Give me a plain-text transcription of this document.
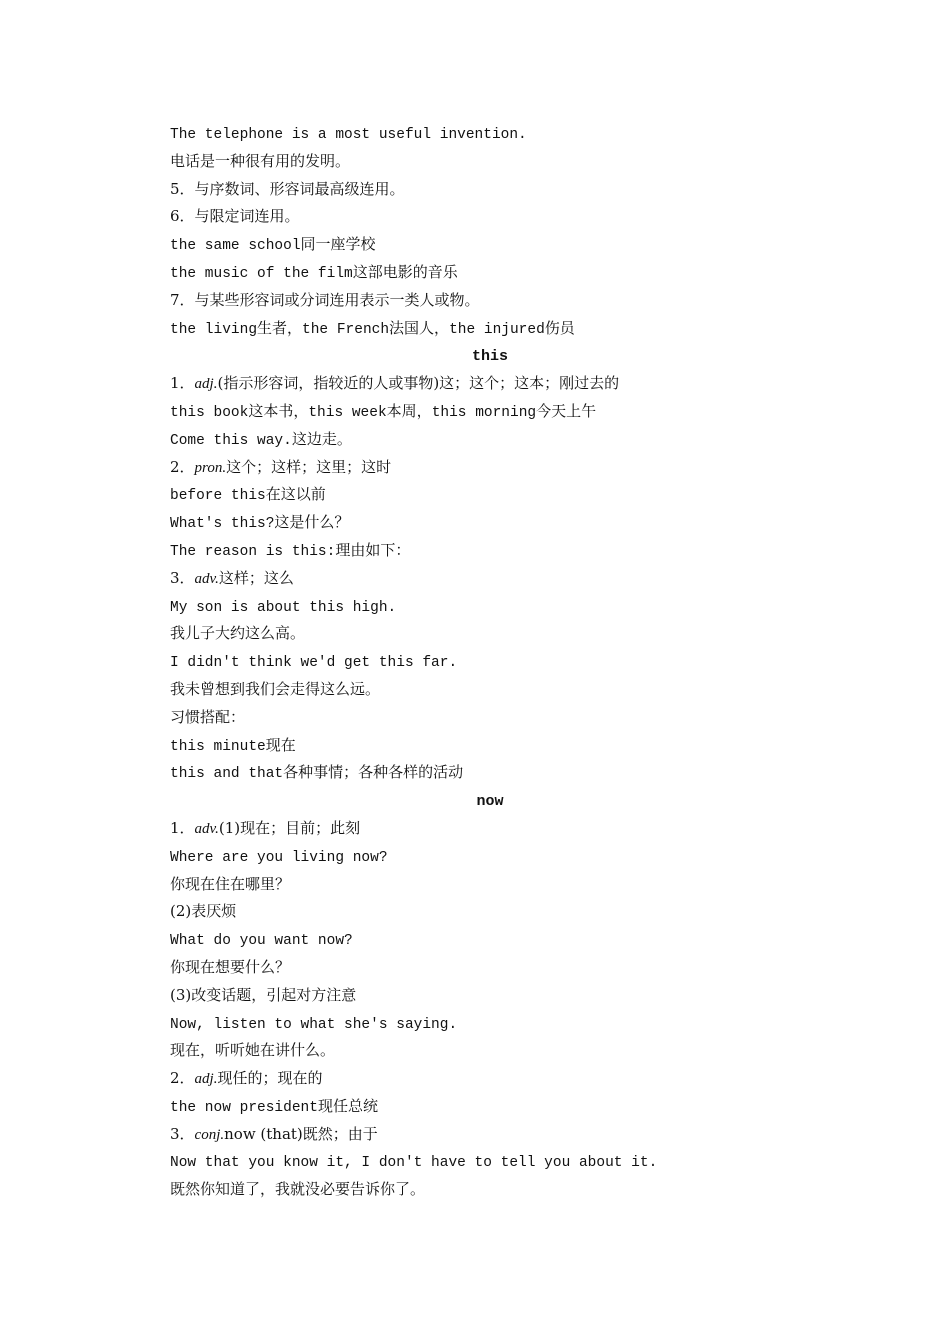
The telephone is a most useful invention.
电话是一种很有用的发明。
5．与序数词、形容词最高级连用。
6．与限定词连用。
the same school同一座学校
the music of the film这部电影的音乐
7．与某些形容词或分词连用表示一类人或物。
the living生者，the French法国人，the injured伤员
this
1．adj.(指示形容词，指较近的人或事物)这；这个；这本；刚过去的
this book这本书，this week本周，this morning今天上午
Come this way.这边走。
2．pron.这个；这样；这里；这时
before this在这以前
What's this?这是什么？
The reason is this:理由如下：
3．adv.这样；这么
My son is about this high.
我儿子大约这么高。
I didn't think we'd get this far.
我未曾想到我们会走得这么远。
习惯搭配：
this minute现在
this and that各种事情；各种各样的活动
now
1．adv.(1)现在；目前；此刻
Where are you living now?
你现在住在哪里？
(2)表厌烦
What do you want now?
你现在想要什么？
(3)改变话题，引起对方注意
Now, listen to what she's saying.
现在，听听她在讲什么。
2．adj.现任的；现在的
the now president现任总统
3．conj.now (that)既然；由于
Now that you know it, I don't have to tell you about it.
既然你知道了，我就没必要告诉你了。
